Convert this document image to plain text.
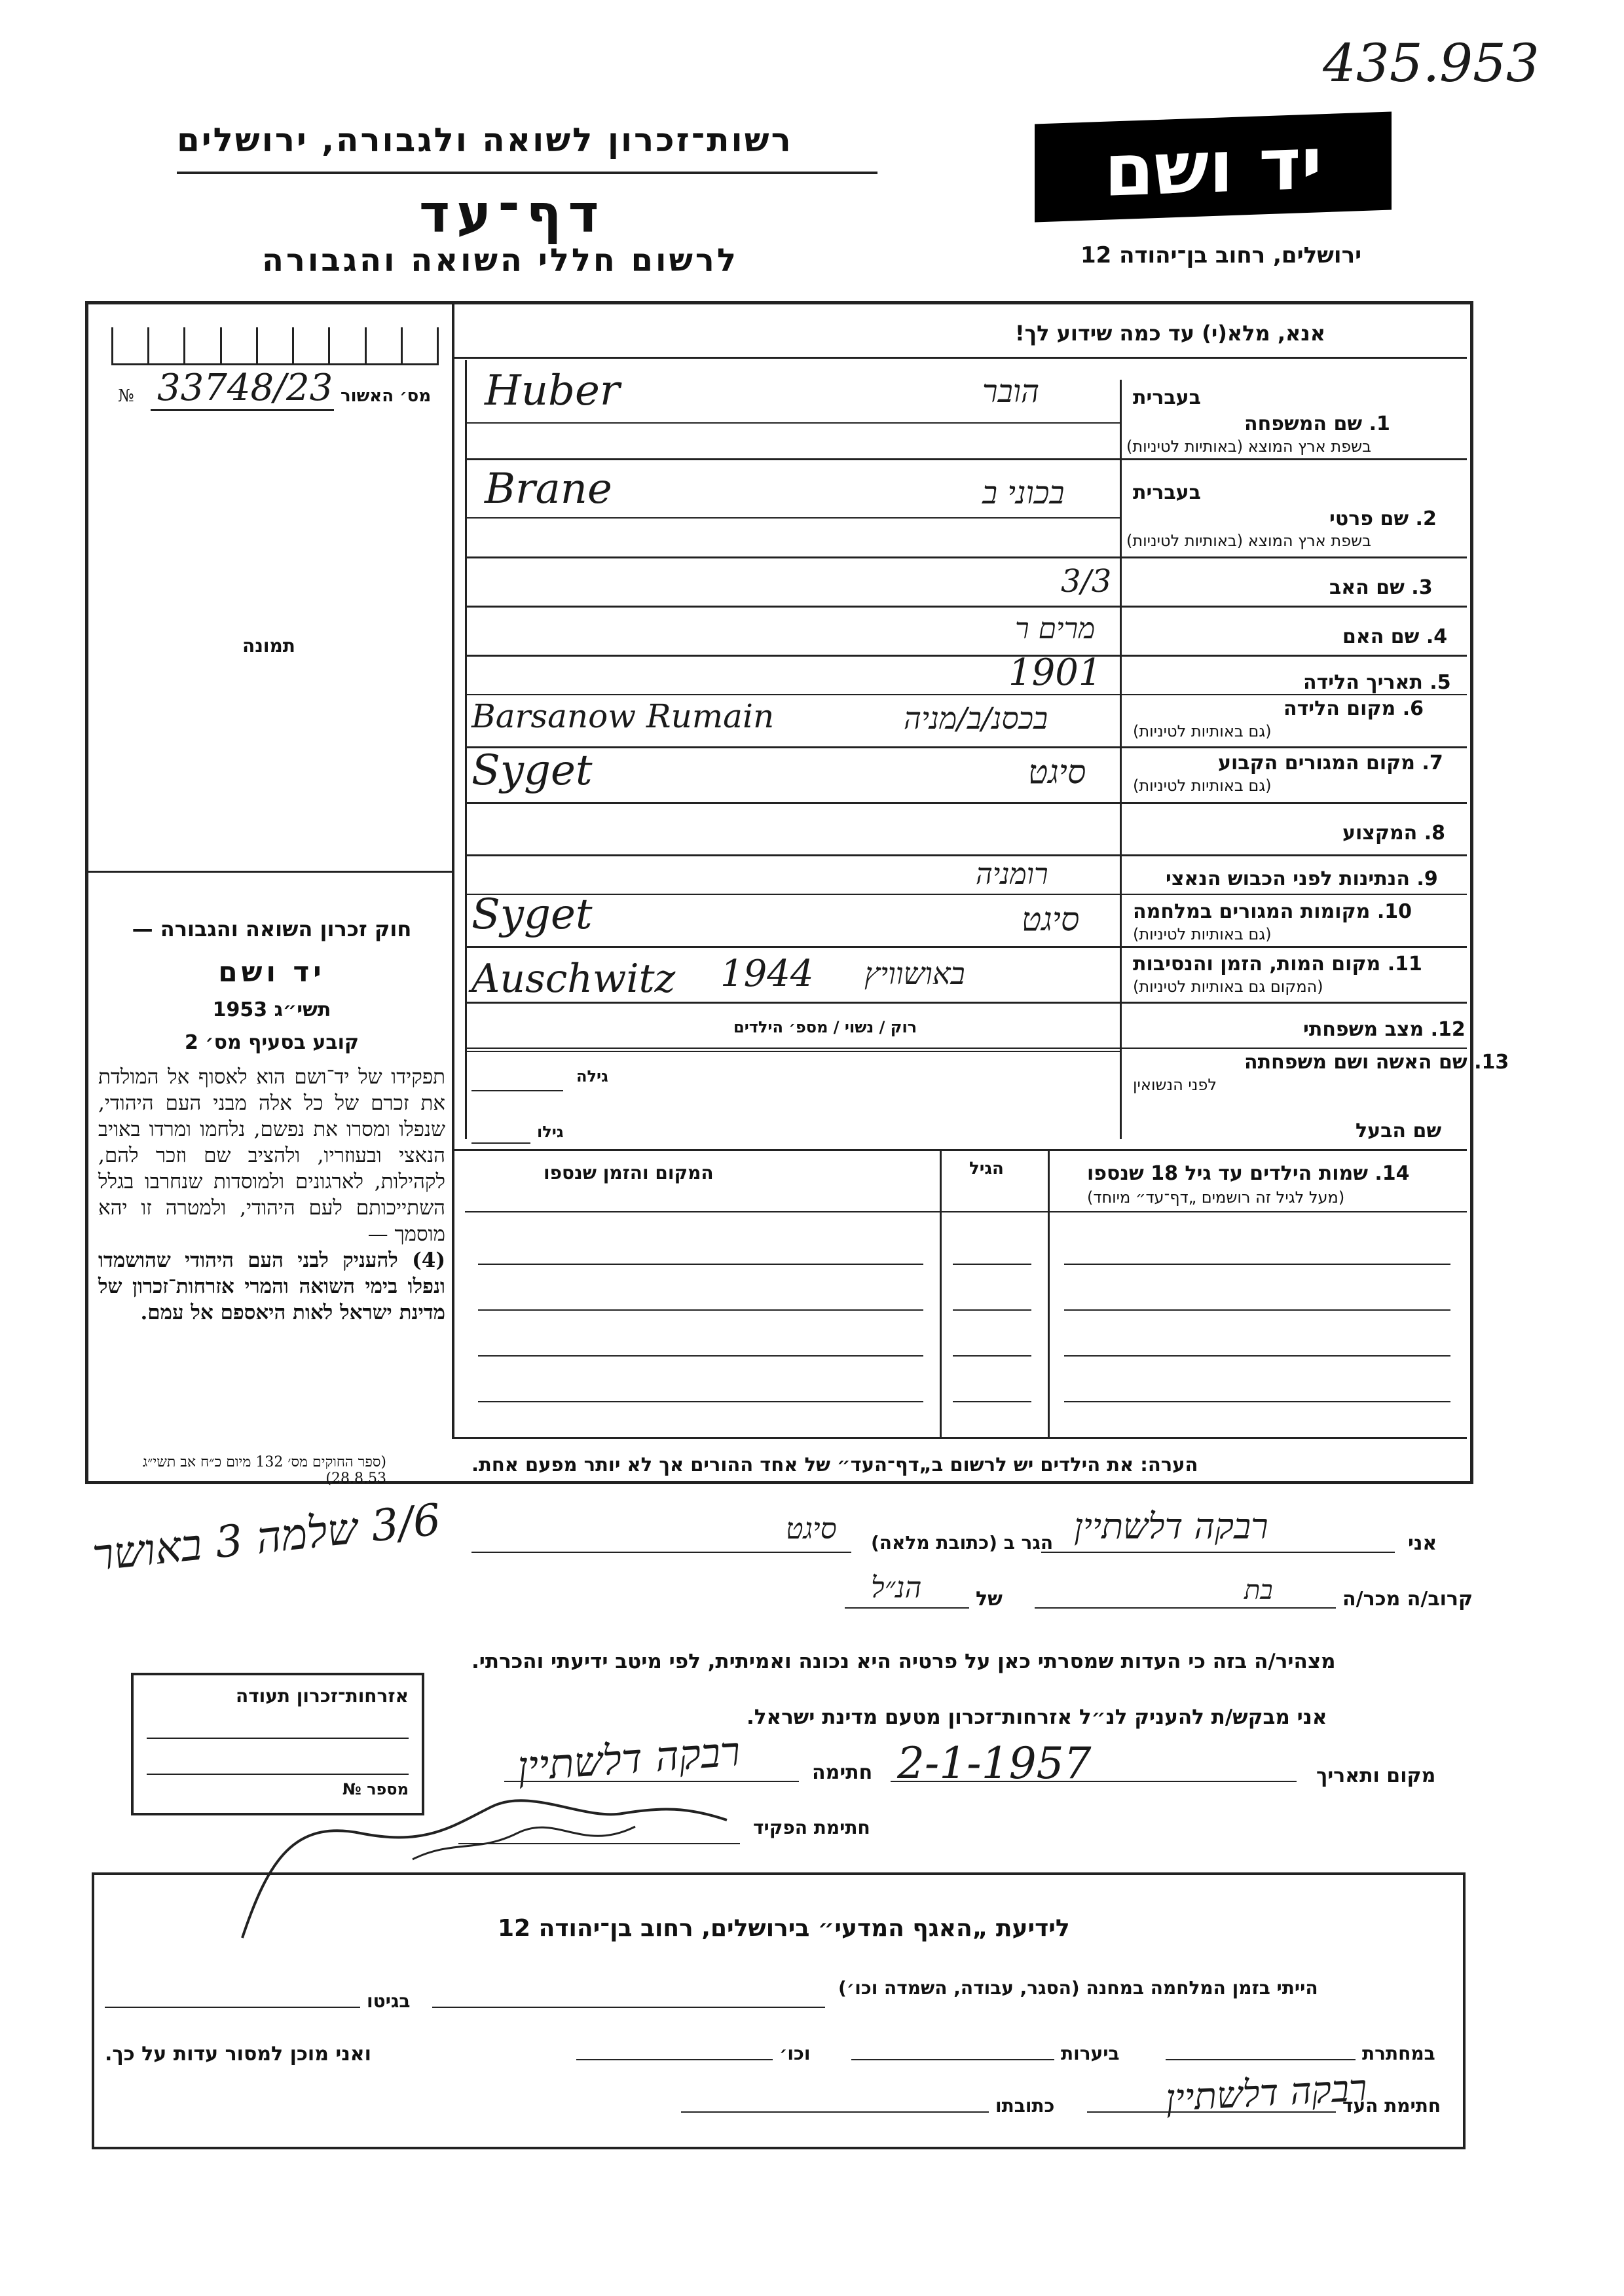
435.953
רשות־זכרון לשואה ולגבורה, ירושלים
דף־עד
לרשום חללי השואה והגבורה
יד ושם
ירושלים, רחוב בן־יהודה 12
מס׳ האשור
№ 33748/23
תמונה
חוק זכרון השואה והגבורה —
יד ושם
תשי״ג 1953
קובע בסעיף מס׳ 2
תפקידו של יד־ושם הוא לאסוף אל המולדת את זכרם של כל אלה מבני העם היהודי, שנפלו ומסרו את נפשם, נלחמו ומרדו באויב הנאצי ובעוזריו, ולהציב שם וזכר להם, לקהילות, לארגונים ולמוסדות שנחרבו בגלל השתייכותם לעם היהודי, ולמטרה זו יהא מוסמך —
(4) להעניק לבני העם היהודי שהושמדו ונפלו בימי השואה והמרי אזרחות־זכרון של מדינת ישראל לאות היאספם אל עמם.
(ספר החוקים מס׳ 132 מיום כ״ח אב תשי״ג 28.8.53)
אנא, מלא(י) עד כמה שידוע לך!
בעברית
1. שם המשפחה
בשפת ארץ המוצא (באותיות לטיניות)
הובר
Huber
בעברית
2. שם פרטי
בשפת ארץ המוצא (באותיות לטיניות)
בכוני ב
Brane
3. שם האב
3/3
4. שם האם
מרים ר
5. תאריך הלידה
1901
6. מקום הלידה
(גם באותיות לטיניות)
בכסנ/ב/מניה
Barsanow Rumain
7. מקום המגורים הקבוע
(גם באותיות לטיניות)
סיגט
Syget
8. המקצוע
9. הנתינות לפני הכבוש הנאצי
רומניה
10. מקומות המגורים במלחמה
(גם באותיות לטיניות)
סיגט
Syget
11. מקום המות, הזמן והנסיבות
(המקום גם באותיות לטיניות)
באושוויץ
1944
Auschwitz
12. מצב משפחתי
רוק / נשוי / מספ׳ הילדים
13. שם האשה ושם משפחתה
לפני הנשואין
גילה
גילו	שם הבעל
14. שמות הילדים עד גיל 18 שנספו
(מעל לגיל זה רושמים „דף־עד״ מיוחד)
הגיל
המקום והזמן שנספו
הערה: את הילדים יש לרשום ב„דף־העד״ של אחד ההורים אך לא יותר מפעם אחת.
אני
רבקה דלשתיין
הגר ב (כתובת מלאה)
סיגט
3/6 שלמה 3 באושר
קרוב/ה מכר/ה
בת
של
הנ״ל
מצהיר/ה בזה כי העדות שמסרתי כאן על פרטיה היא נכונה ואמיתית, לפי מיטב ידיעתי והכרתי.
אני מבקש/ת להעניק לנ״ל אזרחות־זכרון מטעם מדינת ישראל.
אזרחות־זכרון תעודה
מספר №
מקום ותאריך
2-1-1957
חתימה
רבקה דלשתיין
חתימת הפקיד
לידיעת „האגף המדעי״ בירושלים, רחוב בן־יהודה 12
הייתי בזמן המלחמה במחנה (הסגר, עבודה, השמדה וכו׳)
בגיטו
במחתרת
ביערות
וכו׳
ואני מוכן למסור עדות על כך.
חתימת העד
רבקה דלשתיין
כתובתו
